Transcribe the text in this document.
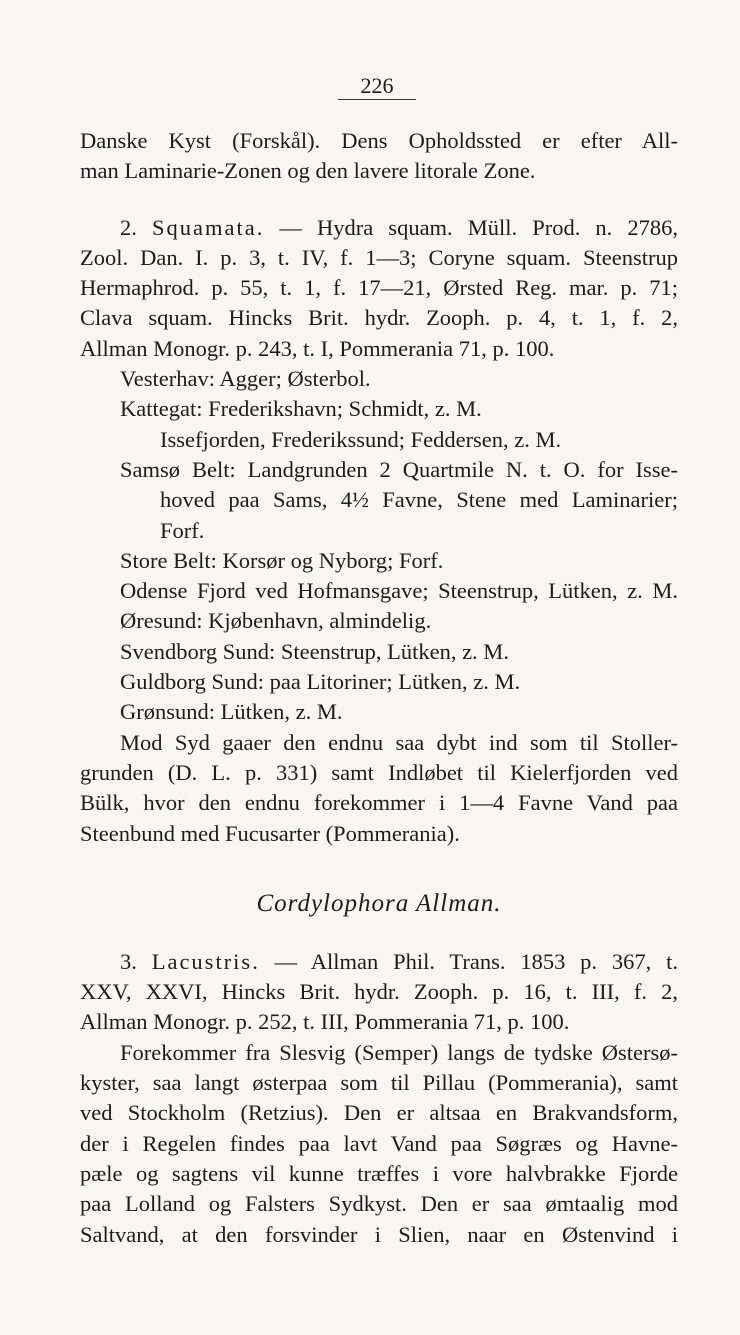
226
Danske Kyst (Forskål). Dens Opholdssted er efter All-
man Laminarie-Zonen og den lavere litorale Zone.
2. Squamata. — Hydra squam. Müll. Prod. n. 2786,
Zool. Dan. I. p. 3, t. IV, f. 1—3; Coryne squam. Steenstrup
Hermaphrod. p. 55, t. 1, f. 17—21, Ørsted Reg. mar. p. 71;
Clava squam. Hincks Brit. hydr. Zooph. p. 4, t. 1, f. 2,
Allman Monogr. p. 243, t. I, Pommerania 71, p. 100.
Vesterhav: Agger; Østerbol.
Kattegat: Frederikshavn; Schmidt, z. M.
Issefjorden, Frederikssund; Feddersen, z. M.
Samsø Belt: Landgrunden 2 Quartmile N. t. O. for Isse-
hoved paa Sams, 4½ Favne, Stene med Laminarier;
Forf.
Store Belt: Korsør og Nyborg; Forf.
Odense Fjord ved Hofmansgave; Steenstrup, Lütken, z. M.
Øresund: Kjøbenhavn, almindelig.
Svendborg Sund: Steenstrup, Lütken, z. M.
Guldborg Sund: paa Litoriner; Lütken, z. M.
Grønsund: Lütken, z. M.
Mod Syd gaaer den endnu saa dybt ind som til Stoller-
grunden (D. L. p. 331) samt Indløbet til Kielerfjorden ved
Bülk, hvor den endnu forekommer i 1—4 Favne Vand paa
Steenbund med Fucusarter (Pommerania).
Cordylophora Allman.
3. Lacustris. — Allman Phil. Trans. 1853 p. 367, t.
XXV, XXVI, Hincks Brit. hydr. Zooph. p. 16, t. III, f. 2,
Allman Monogr. p. 252, t. III, Pommerania 71, p. 100.
Forekommer fra Slesvig (Semper) langs de tydske Østersø-
kyster, saa langt østerpaa som til Pillau (Pommerania), samt
ved Stockholm (Retzius). Den er altsaa en Brakvandsform,
der i Regelen findes paa lavt Vand paa Søgræs og Havne-
pæle og sagtens vil kunne træffes i vore halvbrakke Fjorde
paa Lolland og Falsters Sydkyst. Den er saa ømtaalig mod
Saltvand, at den forsvinder i Slien, naar en Østenvind i
